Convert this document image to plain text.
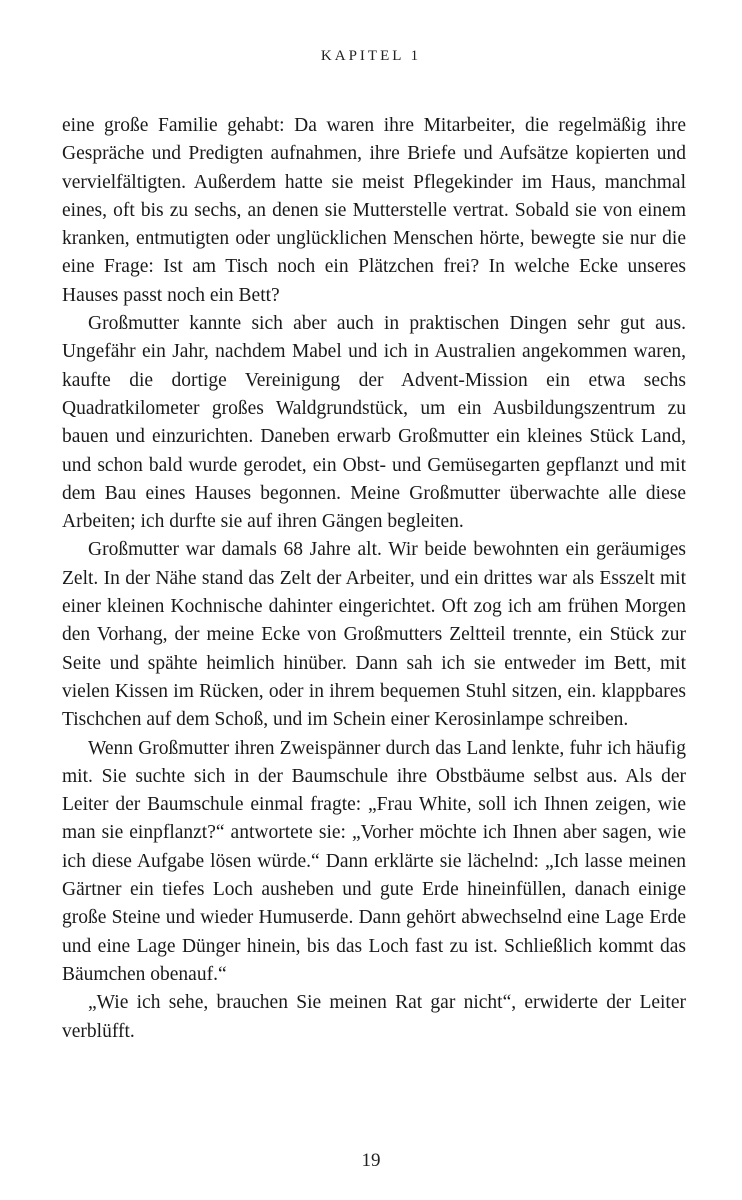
KAPITEL 1

eine große Familie gehabt: Da waren ihre Mitarbeiter, die regelmäßig ihre Gespräche und Predigten aufnahmen, ihre Briefe und Aufsätze kopierten und vervielfältigten. Außerdem hatte sie meist Pflegekinder im Haus, manchmal eines, oft bis zu sechs, an denen sie Mutterstelle vertrat. Sobald sie von einem kranken, entmutigten oder unglücklichen Menschen hörte, bewegte sie nur die eine Frage: Ist am Tisch noch ein Plätzchen frei? In welche Ecke unseres Hauses passt noch ein Bett?

Großmutter kannte sich aber auch in praktischen Dingen sehr gut aus. Ungefähr ein Jahr, nachdem Mabel und ich in Australien angekommen waren, kaufte die dortige Vereinigung der Advent-Mission ein etwa sechs Quadratkilometer großes Waldgrundstück, um ein Ausbildungszentrum zu bauen und einzurichten. Daneben erwarb Großmutter ein kleines Stück Land, und schon bald wurde gerodet, ein Obst- und Gemüsegarten gepflanzt und mit dem Bau eines Hauses begonnen. Meine Großmutter überwachte alle diese Arbeiten; ich durfte sie auf ihren Gängen begleiten.

Großmutter war damals 68 Jahre alt. Wir beide bewohnten ein geräumiges Zelt. In der Nähe stand das Zelt der Arbeiter, und ein drittes war als Esszelt mit einer kleinen Kochnische dahinter eingerichtet. Oft zog ich am frühen Morgen den Vorhang, der meine Ecke von Großmutters Zeltteil trennte, ein Stück zur Seite und spähte heimlich hinüber. Dann sah ich sie entweder im Bett, mit vielen Kissen im Rücken, oder in ihrem bequemen Stuhl sitzen, ein. klappbares Tischchen auf dem Schoß, und im Schein einer Kerosinlampe schreiben.

Wenn Großmutter ihren Zweispänner durch das Land lenkte, fuhr ich häufig mit. Sie suchte sich in der Baumschule ihre Obstbäume selbst aus. Als der Leiter der Baumschule einmal fragte: „Frau White, soll ich Ihnen zeigen, wie man sie einpflanzt?“ antwortete sie: „Vorher möchte ich Ihnen aber sagen, wie ich diese Aufgabe lösen würde.“ Dann erklärte sie lächelnd: „Ich lasse meinen Gärtner ein tiefes Loch ausheben und gute Erde hineinfüllen, danach einige große Steine und wieder Humuserde. Dann gehört abwechselnd eine Lage Erde und eine Lage Dünger hinein, bis das Loch fast zu ist. Schließlich kommt das Bäumchen obenauf.“

„Wie ich sehe, brauchen Sie meinen Rat gar nicht“, erwiderte der Leiter verblüfft.

19
